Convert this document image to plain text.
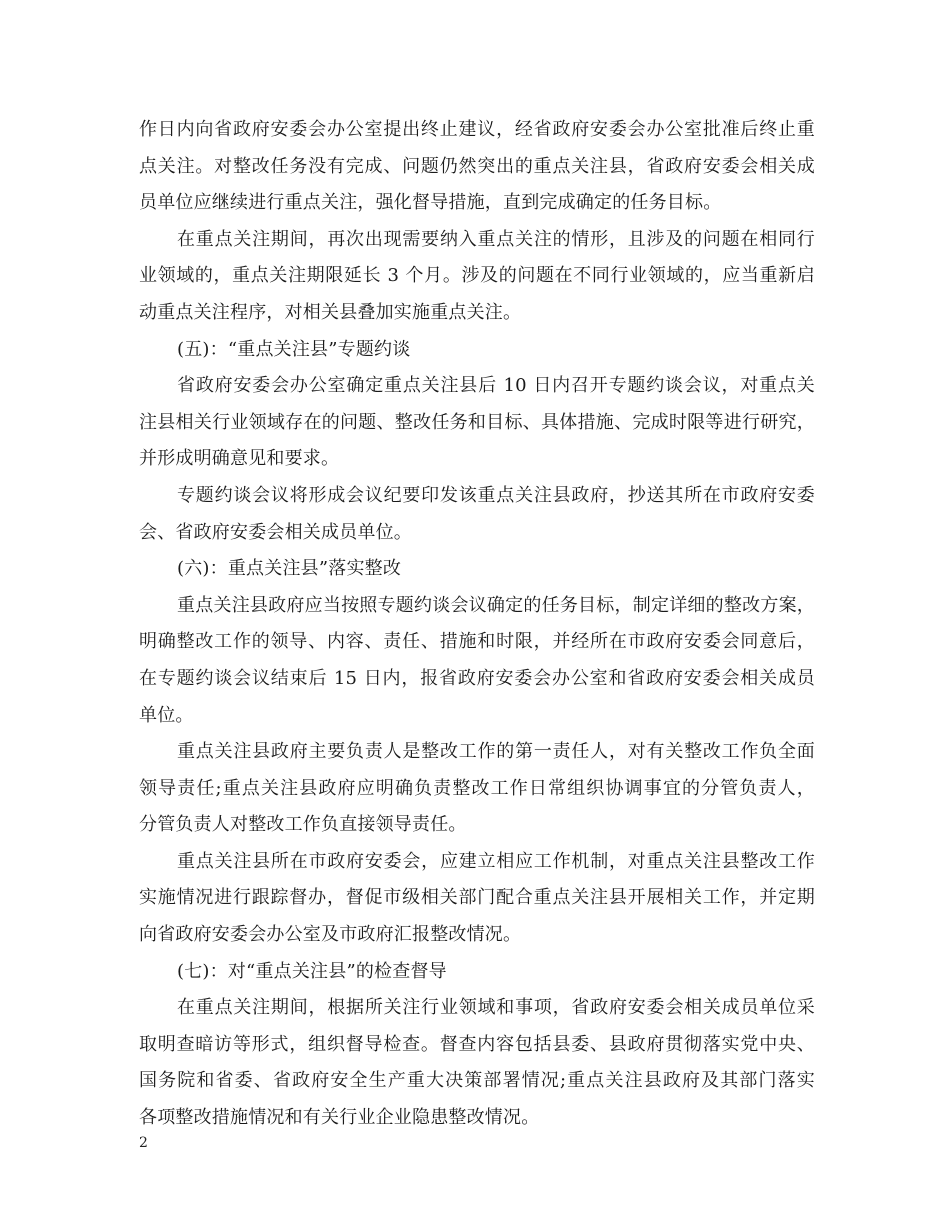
作日内向省政府安委会办公室提出终止建议，经省政府安委会办公室批准后终止重
点关注。对整改任务没有完成、问题仍然突出的重点关注县，省政府安委会相关成
员单位应继续进行重点关注，强化督导措施，直到完成确定的任务目标。
在重点关注期间，再次出现需要纳入重点关注的情形，且涉及的问题在相同行
业领域的，重点关注期限延长 3 个月。涉及的问题在不同行业领域的，应当重新启
动重点关注程序，对相关县叠加实施重点关注。
(五)：“重点关注县”专题约谈
省政府安委会办公室确定重点关注县后 10 日内召开专题约谈会议，对重点关
注县相关行业领域存在的问题、整改任务和目标、具体措施、完成时限等进行研究，
并形成明确意见和要求。
专题约谈会议将形成会议纪要印发该重点关注县政府，抄送其所在市政府安委
会、省政府安委会相关成员单位。
(六)：重点关注县”落实整改
重点关注县政府应当按照专题约谈会议确定的任务目标，制定详细的整改方案，
明确整改工作的领导、内容、责任、措施和时限，并经所在市政府安委会同意后，
在专题约谈会议结束后 15 日内，报省政府安委会办公室和省政府安委会相关成员
单位。
重点关注县政府主要负责人是整改工作的第一责任人，对有关整改工作负全面
领导责任;重点关注县政府应明确负责整改工作日常组织协调事宜的分管负责人，
分管负责人对整改工作负直接领导责任。
重点关注县所在市政府安委会，应建立相应工作机制，对重点关注县整改工作
实施情况进行跟踪督办，督促市级相关部门配合重点关注县开展相关工作，并定期
向省政府安委会办公室及市政府汇报整改情况。
(七)：对“重点关注县”的检查督导
在重点关注期间，根据所关注行业领域和事项，省政府安委会相关成员单位采
取明查暗访等形式，组织督导检查。督查内容包括县委、县政府贯彻落实党中央、
国务院和省委、省政府安全生产重大决策部署情况;重点关注县政府及其部门落实
各项整改措施情况和有关行业企业隐患整改情况。
2
